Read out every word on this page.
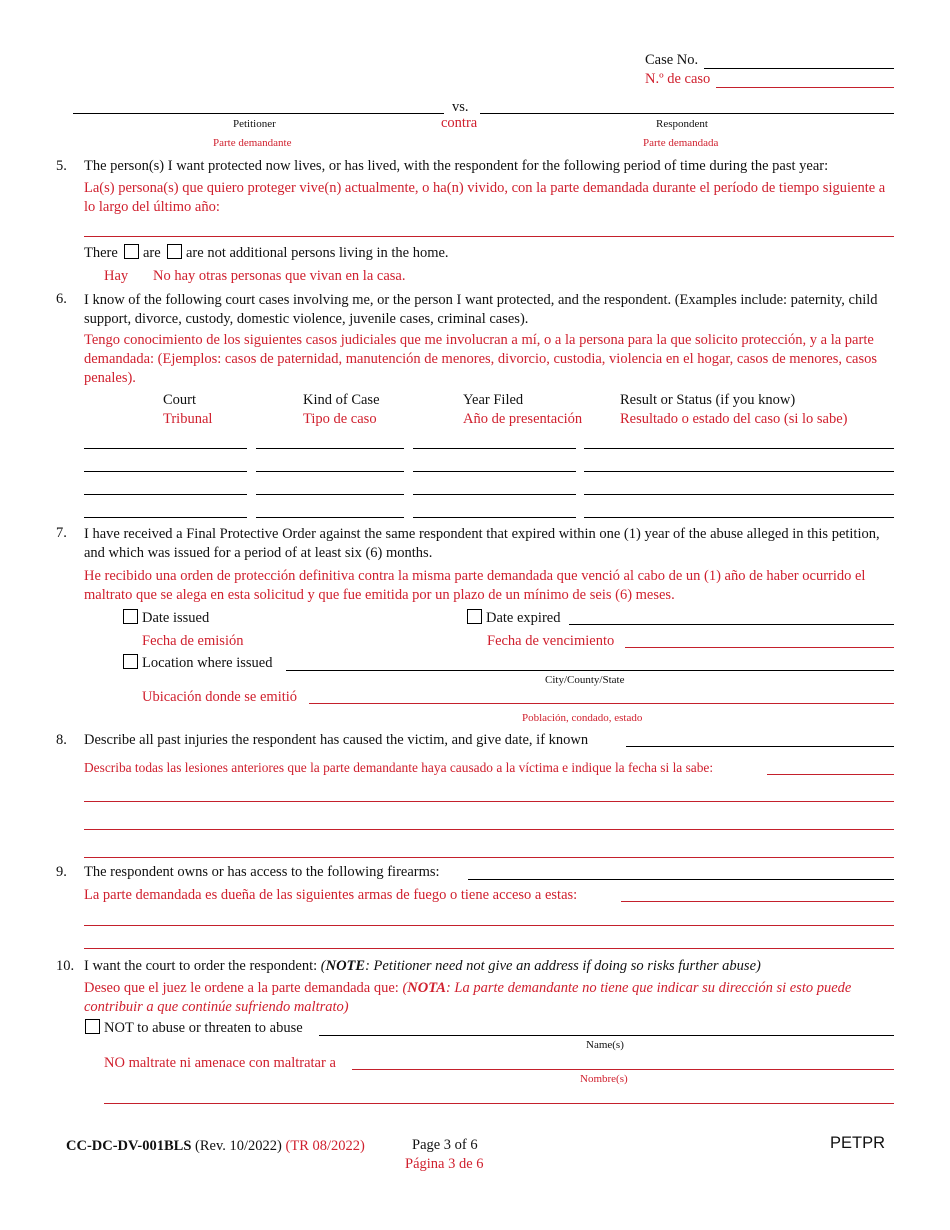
Case No.
N.º de caso
vs.
contra
Petitioner
Parte demandante
Respondent
Parte demandada
5. The person(s) I want protected now lives, or has lived, with the respondent for the following period of time during the past year:
La(s) persona(s) que quiero proteger vive(n) actualmente, o ha(n) vivido, con la parte demandada durante el período de tiempo siguiente a lo largo del último año:
There are are not additional persons living in the home.
Hay No hay otras personas que vivan en la casa.
6. I know of the following court cases involving me, or the person I want protected, and the respondent. (Examples include: paternity, child support, divorce, custody, domestic violence, juvenile cases, criminal cases).
Tengo conocimiento de los siguientes casos judiciales que me involucran a mí, o a la persona para la que solicito protección, y a la parte demandada: (Ejemplos: casos de paternidad, manutención de menores, divorcio, custodia, violencia en el hogar, casos de menores, casos penales).
Court
Tribunal
Kind of Case
Tipo de caso
Year Filed
Año de presentación
Result or Status (if you know)
Resultado o estado del caso (si lo sabe)
7. I have received a Final Protective Order against the same respondent that expired within one (1) year of the abuse alleged in this petition, and which was issued for a period of at least six (6) months.
He recibido una orden de protección definitiva contra la misma parte demandada que venció al cabo de un (1) año de haber ocurrido el maltrato que se alega en esta solicitud y que fue emitida por un plazo de un mínimo de seis (6) meses.
Date issued
Fecha de emisión
Date expired
Fecha de vencimiento
Location where issued
City/County/State
Ubicación donde se emitió
Población, condado, estado
8. Describe all past injuries the respondent has caused the victim, and give date, if known
Describa todas las lesiones anteriores que la parte demandante haya causado a la víctima e indique la fecha si la sabe:
9. The respondent owns or has access to the following firearms:
La parte demandada es dueña de las siguientes armas de fuego o tiene acceso a estas:
10. I want the court to order the respondent: (NOTE: Petitioner need not give an address if doing so risks further abuse)
Deseo que el juez le ordene a la parte demandada que: (NOTA: La parte demandante no tiene que indicar su dirección si esto puede contribuir a que continúe sufriendo maltrato)
NOT to abuse or threaten to abuse
Name(s)
NO maltrate ni amenace con maltratar a
Nombre(s)
CC-DC-DV-001BLS (Rev. 10/2022) (TR 08/2022)	Page 3 of 6
Página 3 de 6
PETPR
